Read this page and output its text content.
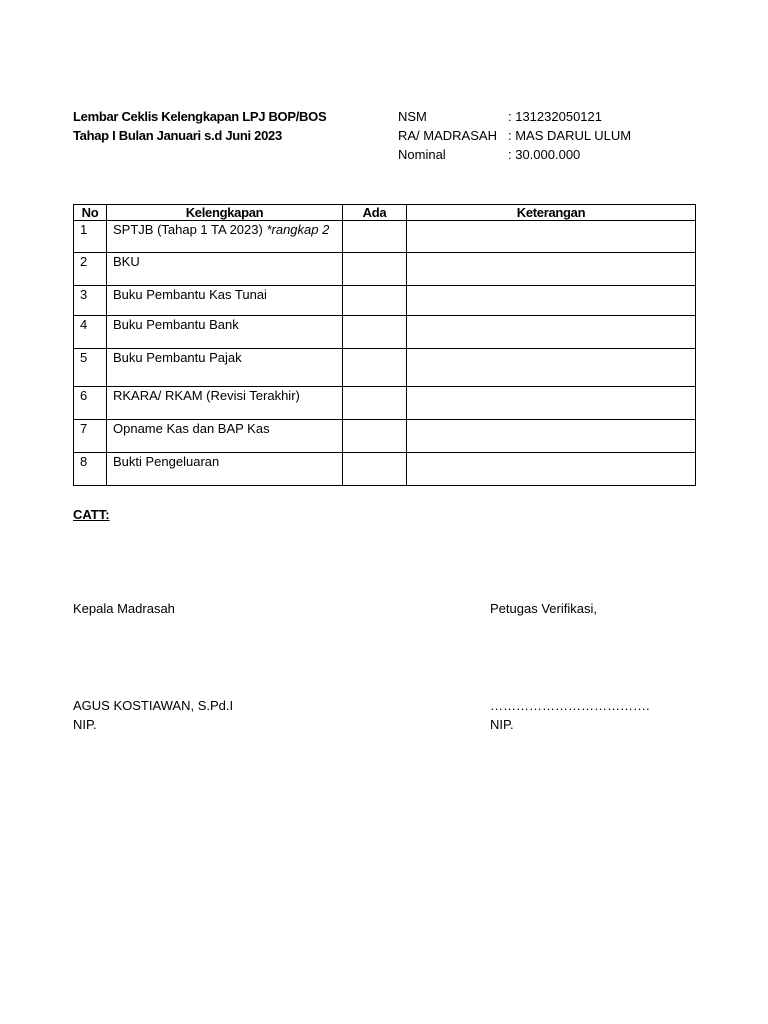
Lembar Ceklis Kelengkapan LPJ BOP/BOS
Tahap I Bulan Januari s.d Juni 2023
NSM	: 131232050121
RA/ MADRASAH : MAS DARUL ULUM
Nominal	: 30.000.000
No	Kelengkapan	Ada	Keterangan
1	SPTJB (Tahap 1 TA 2023) *rangkap 2		
2	BKU		
3	Buku Pembantu Kas Tunai		
4	Buku Pembantu Bank		
5	Buku Pembantu Pajak		
6	RKARA/ RKAM (Revisi Terakhir)		
7	Opname Kas dan BAP Kas		
8	Bukti Pengeluaran		
CATT:
Kepala Madrasah
AGUS KOSTIAWAN, S.Pd.I
NIP.
Petugas Verifikasi,
……………………………….
NIP.
